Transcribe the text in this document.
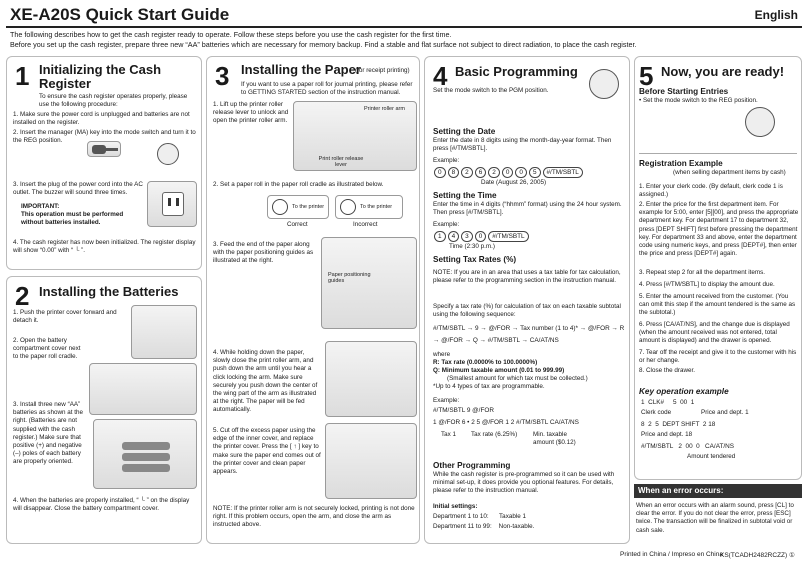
XE-A20S Quick Start Guide	English
The following describes how to get the cash register ready to operate. Follow these steps before you use the cash register for the first time.
Before you set up the cash register, prepare three new “AA” batteries which are necessary for memory backup. Find a stable and flat surface not subject to direct radiation, to place the cash register.
1 Initializing the Cash Register
To ensure the cash register operates properly, please use the following procedure:
1. Make sure the power cord is unplugged and batteries are not installed on the register.
2. Insert the manager (MA) key into the mode switch and turn it to the REG position.
3. Insert the plug of the power cord into the AC outlet. The buzzer will sound three times.
IMPORTANT:
This operation must be performed without batteries installed.
4. The cash register has now been initialized. The register display will show “0.00” with “ └ ”.
2 Installing the Batteries
1. Push the printer cover forward and detach it.
2. Open the battery compartment cover next to the paper roll cradle.
3. Install three new “AA” batteries as shown at the right. (Batteries are not supplied with the cash register.) Make sure that positive (+) and negative (–) poles of each battery are properly oriented.
4. When the batteries are properly installed, “ └ ” on the display will disappear. Close the battery compartment cover.
3 Installing the Paper
(for receipt printing)
If you want to use a paper roll for journal printing, please refer to GETTING STARTED section of the instruction manual.
1. Lift up the printer roller release lever to unlock and open the printer roller arm.
Printer roller arm
Print roller release lever
2. Set a paper roll in the paper roll cradle as illustrated below.
To the printer	To the printer
Correct	Incorrect
3. Feed the end of the paper along with the paper positioning guides as illustrated at the right.
Paper positioning guides
4. While holding down the paper, slowly close the print roller arm, and push down the arm until you hear a click locking the arm. Make sure securely you push down the center of the wing part of the arm as illustrated at the right. The paper will be fed automatically.
5. Cut off the excess paper using the edge of the inner cover, and replace the printer cover. Press the [ ↑ ] key to make sure the paper end comes out of the printer cover and clean paper appears.
NOTE: If the printer roller arm is not securely locked, printing is not done right. If this problem occurs, open the arm, and close the arm as instructed above.
4 Basic Programming
Set the mode switch to the PGM position.
Setting the Date
Enter the date in 8 digits using the month-day-year format. Then press [#/TM/SBTL].
Example:
0 8 2 6 2 0 0 5 #/TM/SBTL
Date (August 26, 2005)
Setting the Time
Enter the time in 4 digits (“hhmm” format) using the 24 hour system. Then press [#/TM/SBTL].
Example:
1 4 3 0 #/TM/SBTL
Time (2:30 p.m.)
Setting Tax Rates (%)
NOTE: If you are in an area that uses a tax table for tax calculation, please refer to the programming section in the instruction manual.
Specify a tax rate (%) for calculation of tax on each taxable subtotal using the following sequence:
#/TM/SBTL → 9 → @/FOR → Tax number (1 to 4)* → @/FOR → R
→ @/FOR → Q → #/TM/SBTL → CA/AT/NS
where
R: Tax rate (0.0000% to 100.0000%)
Q: Minimum taxable amount (0.01 to 999.99)
(Smallest amount for which tax must be collected.)
*Up to 4 types of tax are programmable.
Example:
#/TM/SBTL 9 @/FOR
1 @/FOR 6 • 2 5 @/FOR 1 2 #/TM/SBTL CA/AT/NS
Tax 1 Tax rate (6.25%)	Min. taxable amount ($0.12)
Other Programming
While the cash register is pre-programmed so it can be used with minimal set-up, it does provide you optional features. For details, please refer to the instruction manual.
Initial settings:
Department 1 to 10:      Taxable 1
Department 11 to 99:    Non-taxable.
5 Now, you are ready!
Before Starting Entries
• Set the mode switch to the REG position.
Registration Example
(when selling department items by cash)
1. Enter your clerk code. (By default, clerk code 1 is assigned.)
2. Enter the price for the first department item. For example for 5:00, enter [5][00], and press the appropriate department key. For department 17 to department 32, press [DEPT SHIFT] first before pressing the department key. For department 33 and above, enter the department code using numeric keys, and press [DEPT#], then enter the price and press [DEPT#] again.
3. Repeat step 2 for all the department items.
4. Press [#/TM/SBTL] to display the amount due.
5. Enter the amount received from the customer. (You can omit this step if the amount tendered is the same as the subtotal.)
6. Press [CA/AT/NS], and the change due is displayed (when the amount received was not entered, total amount is displayed) and the drawer is opened.
7. Tear off the receipt and give it to the customer with his or her change.
8. Close the drawer.
Key operation example
1  CLK#     5  00  1
Clerk code	Price and dept. 1
8  2  5  DEPT SHIFT  2 18
Price and dept. 18
#/TM/SBTL   2  00  0   CA/AT/NS
Amount tendered
When an error occurs:
When an error occurs with an alarm sound, press [CL] to clear the error. If you do not clear the error, press [ESC] twice. The transaction will be finalized in subtotal void or cash sale.
Printed in China / Impreso en China
KS(TCADH2482RCZZ) ①
